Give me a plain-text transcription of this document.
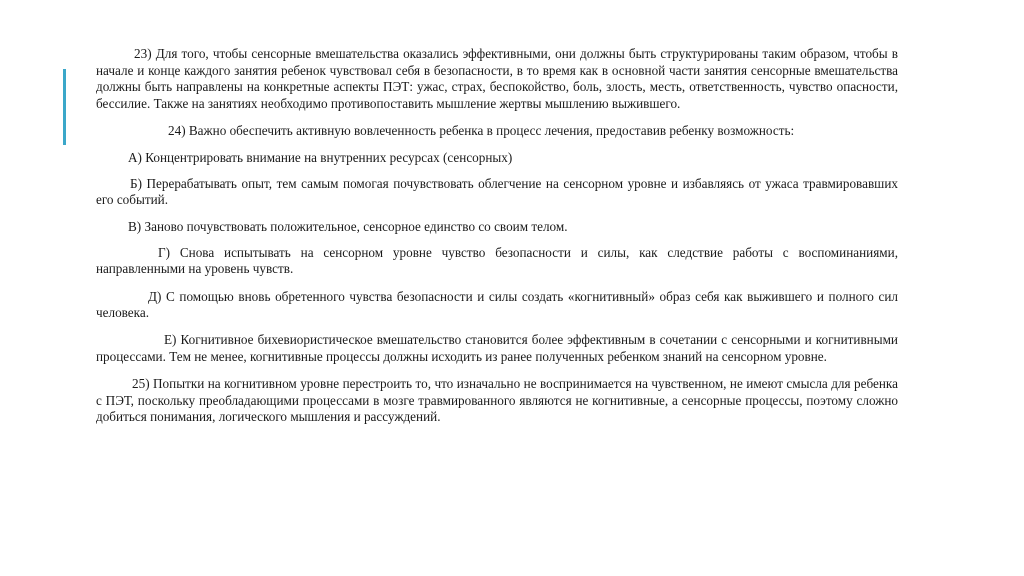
23) Для того, чтобы сенсорные вмешательства оказались эффективными, они должны быть структурированы таким образом, чтобы в начале и конце каждого занятия ребенок чувствовал себя в безопасности, в то время как в основной части занятия сенсорные вмешательства должны быть направлены на конкретные аспекты ПЭТ: ужас, страх, беспокойство, боль, злость, месть, ответственность, чувство опасности, бессилие. Также на занятиях необходимо противопоставить мышление жертвы мышлению выжившего.

24) Важно обеспечить активную вовлеченность ребенка в процесс лечения, предоставив ребенку возможность:

А) Концентрировать внимание на внутренних ресурсах (сенсорных)

Б) Перерабатывать опыт, тем самым помогая почувствовать облегчение на сенсорном уровне и избавляясь от ужаса травмировавших его событий.

В) Заново почувствовать положительное, сенсорное единство со своим телом.

Г) Снова испытывать на сенсорном уровне чувство безопасности и силы, как следствие работы с воспоминаниями, направленными на уровень чувств.

Д) С помощью вновь обретенного чувства безопасности и силы создать «когнитивный» образ себя как выжившего и полного сил человека.

Е) Когнитивное бихевиористическое вмешательство становится более эффективным в сочетании с сенсорными и когнитивными процессами. Тем не менее, когнитивные процессы должны исходить из ранее полученных ребенком знаний на сенсорном уровне.

25) Попытки на когнитивном уровне перестроить то, что изначально не воспринимается на чувственном, не имеют смысла для ребенка с ПЭТ, поскольку преобладающими процессами в мозге травмированного являются не когнитивные, а сенсорные процессы, поэтому сложно добиться понимания, логического мышления и рассуждений.
